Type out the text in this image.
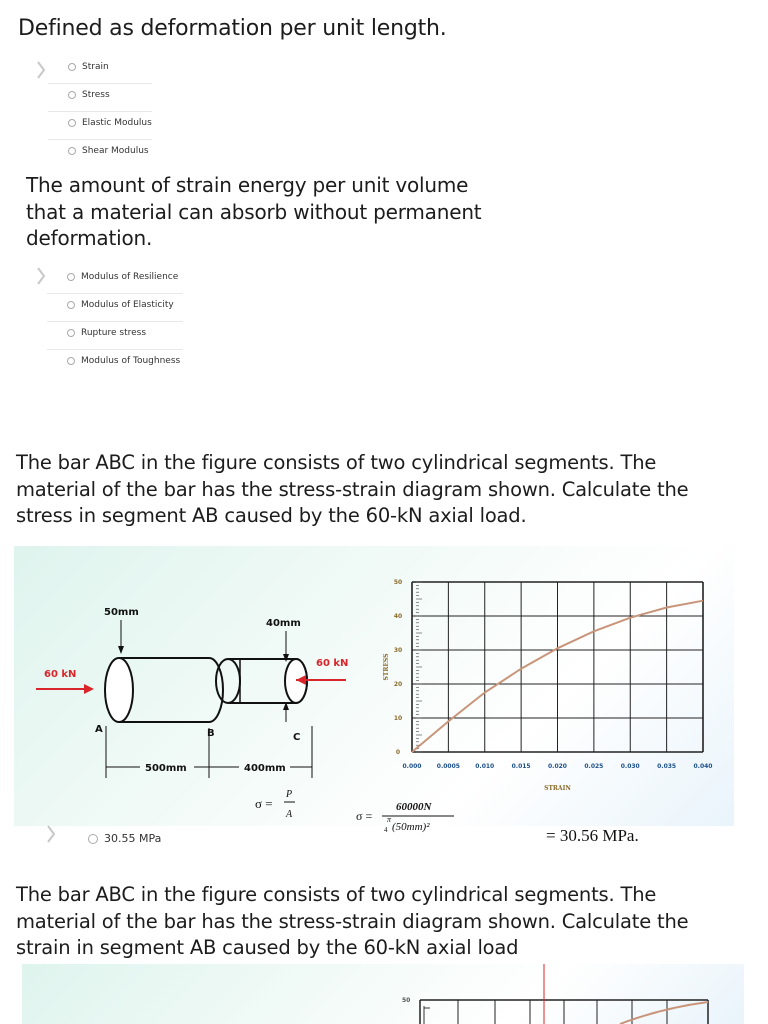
Defined as deformation per unit length.
Strain
Stress
Elastic Modulus
Shear Modulus
The amount of strain energy per unit volume
that a material can absorb without permanent
deformation.
Modulus of Resilience
Modulus of Elasticity
Rupture stress
Modulus of Toughness
The bar ABC in the figure consists of two cylindrical segments. The
material of the bar has the stress-strain diagram shown. Calculate the
stress in segment AB caused by the 60-kN axial load.
60 kN
60 kN
50mm
40mm
A	B	C
500mm	400mm
σ =
P
A	σ =
60000N
π
4 (50mm)²
0.000	0.0005	0.010	0.015	0.020	0.025	0.030	0.035	0.040
0
10
20
30
40
50
STRAIN
STRESS
30.55 MPa	= 30.56 MPa.
The bar ABC in the figure consists of two cylindrical segments. The
material of the bar has the stress-strain diagram shown. Calculate the
strain in segment AB caused by the 60-kN axial load
50
